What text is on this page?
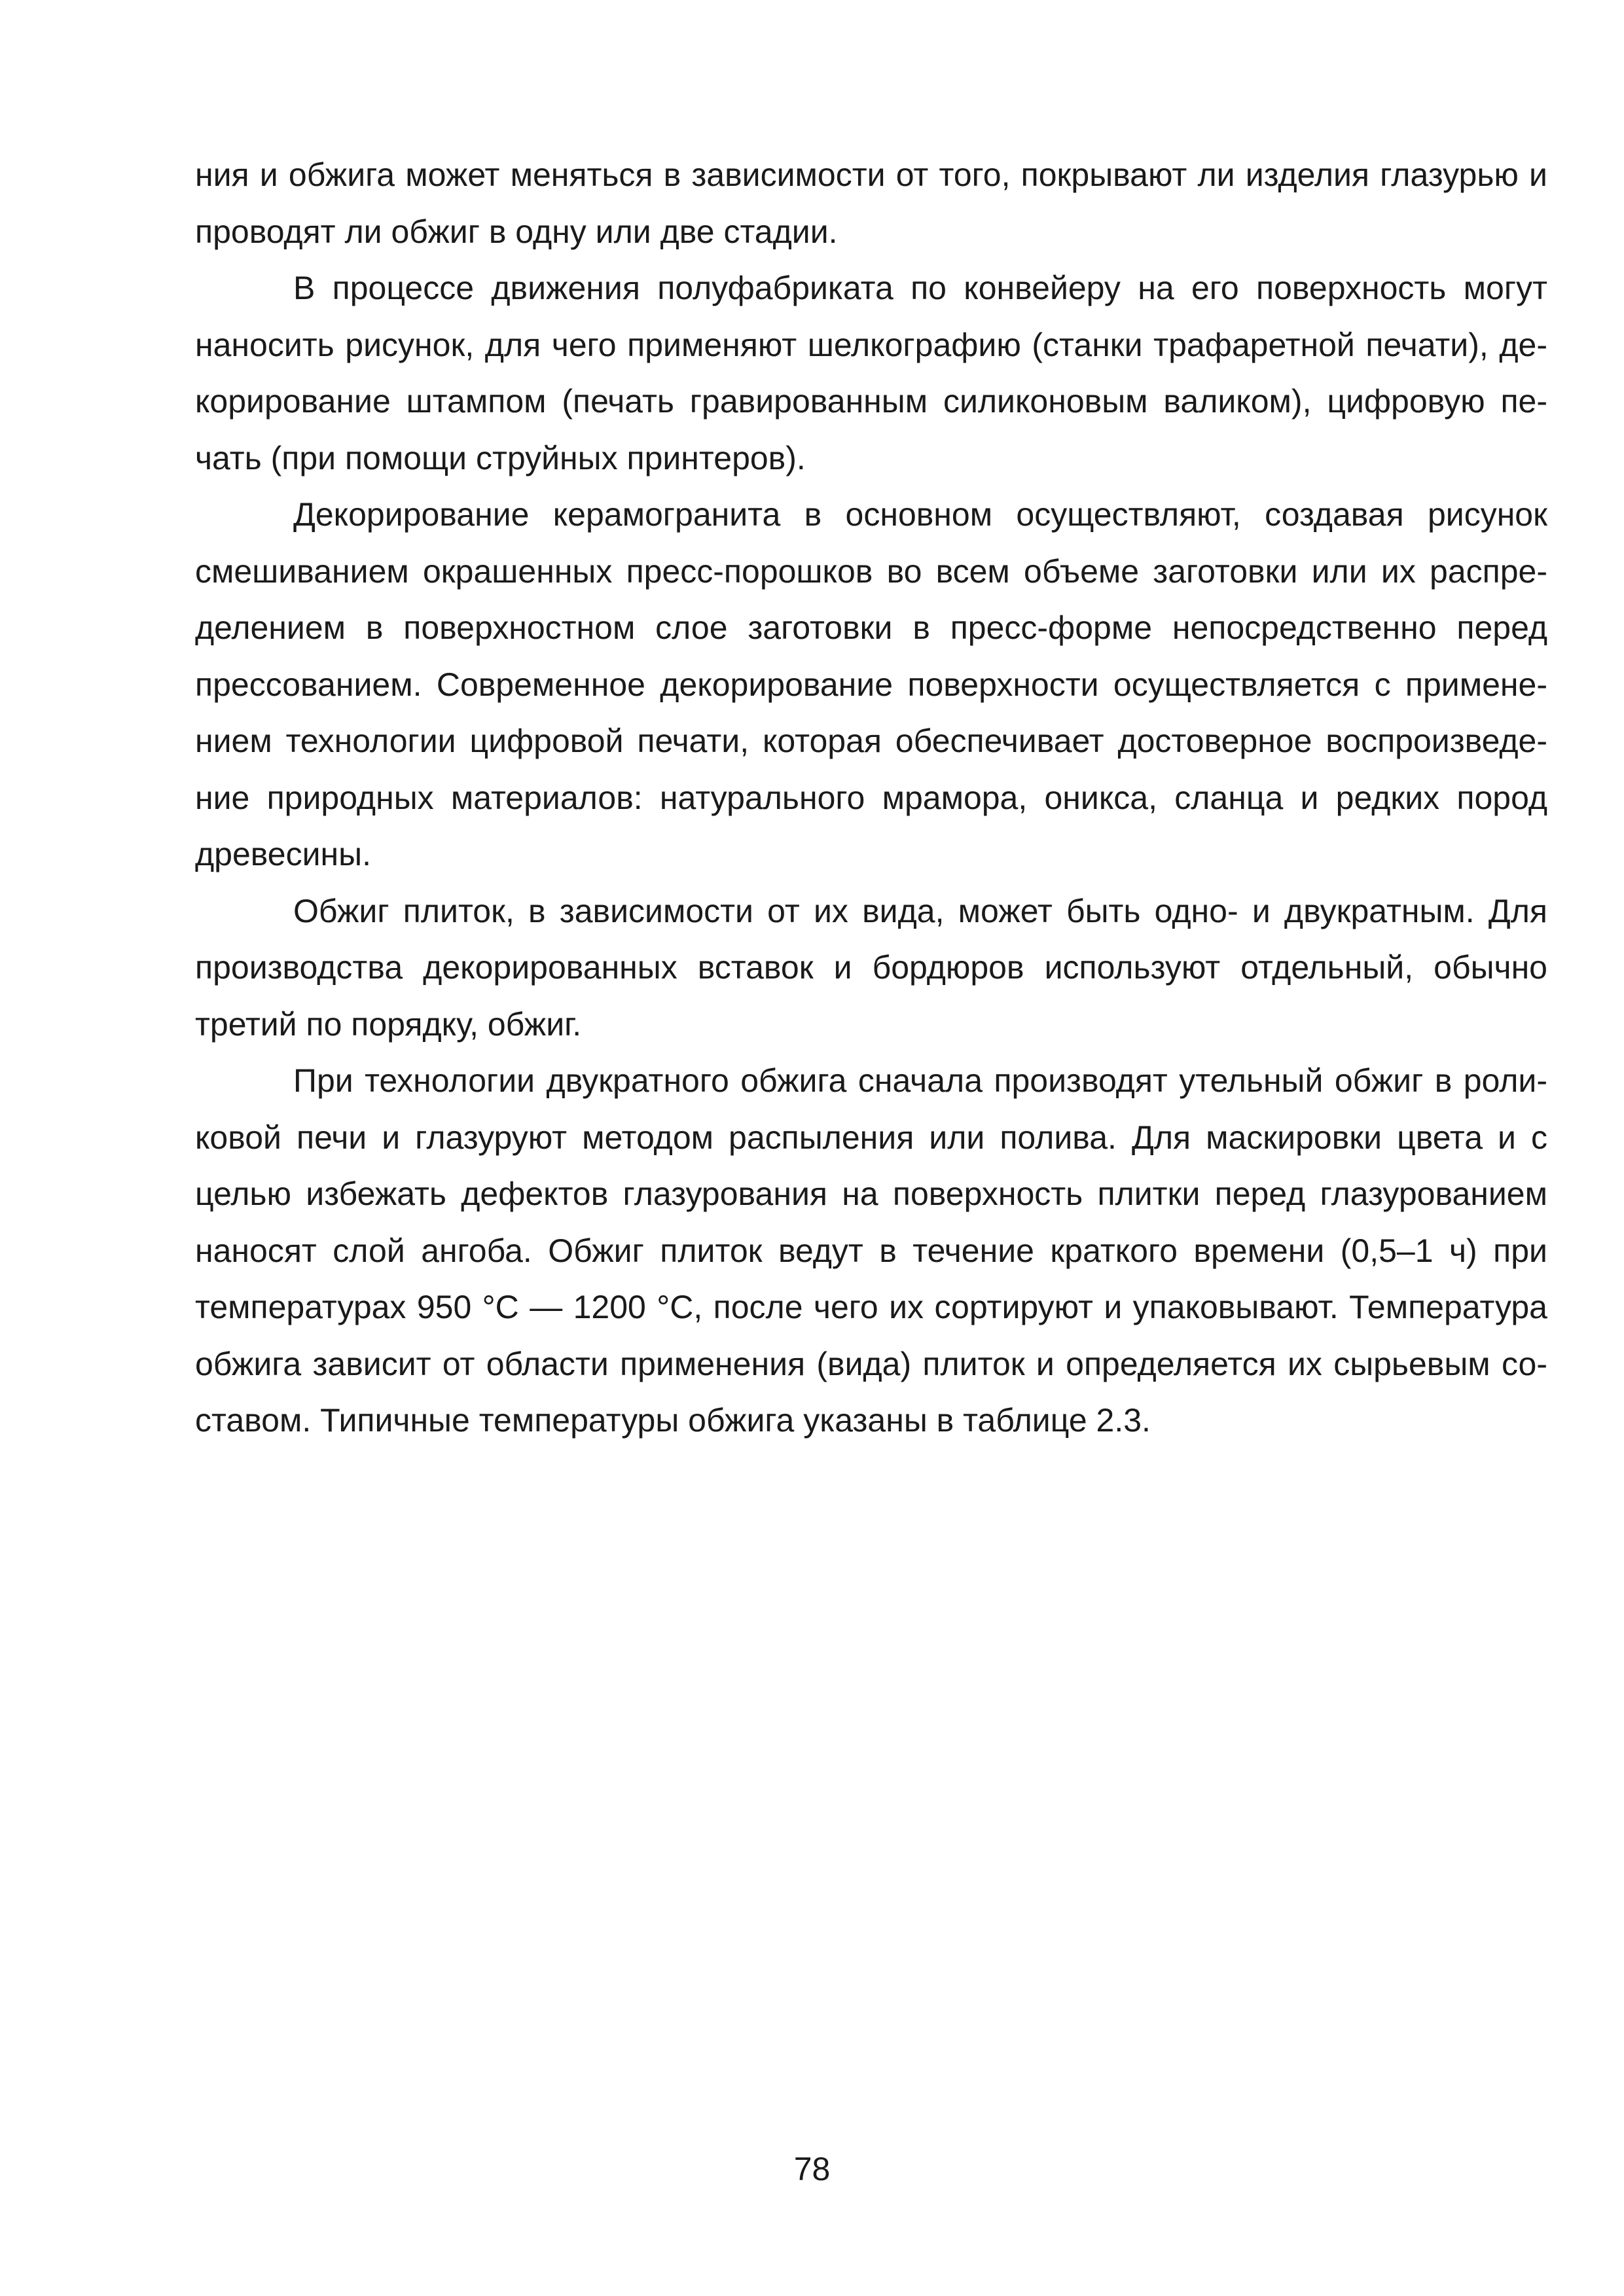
ния и обжига может меняться в зависимости от того, покрывают ли изделия глазурью и проводят ли обжиг в одну или две стадии.

В процессе движения полуфабриката по конвейеру на его поверхность могут наносить рисунок, для чего применяют шелкографию (станки трафаретной печати), декорирование штампом (печать гравированным силиконовым валиком), цифровую печать (при помощи струйных принтеров).

Декорирование керамогранита в основном осуществляют, создавая рисунок смешиванием окрашенных пресс-порошков во всем объеме заготовки или их распределением в поверхностном слое заготовки в пресс-форме непосредственно перед прессованием. Современное декорирование поверхности осуществляется с применением технологии цифровой печати, которая обеспечивает достоверное воспроизведение природных материалов: натурального мрамора, оникса, сланца и редких пород древесины.

Обжиг плиток, в зависимости от их вида, может быть одно- и двукратным. Для производства декорированных вставок и бордюров используют отдельный, обычно третий по порядку, обжиг.

При технологии двукратного обжига сначала производят утельный обжиг в роликовой печи и глазуруют методом распыления или полива. Для маскировки цвета и с целью избежать дефектов глазурования на поверхность плитки перед глазурованием наносят слой ангоба. Обжиг плиток ведут в течение краткого времени (0,5–1 ч) при температурах 950 °C — 1200 °C, после чего их сортируют и упаковывают. Температура обжига зависит от области применения (вида) плиток и определяется их сырьевым составом. Типичные температуры обжига указаны в таблице 2.3.

78
